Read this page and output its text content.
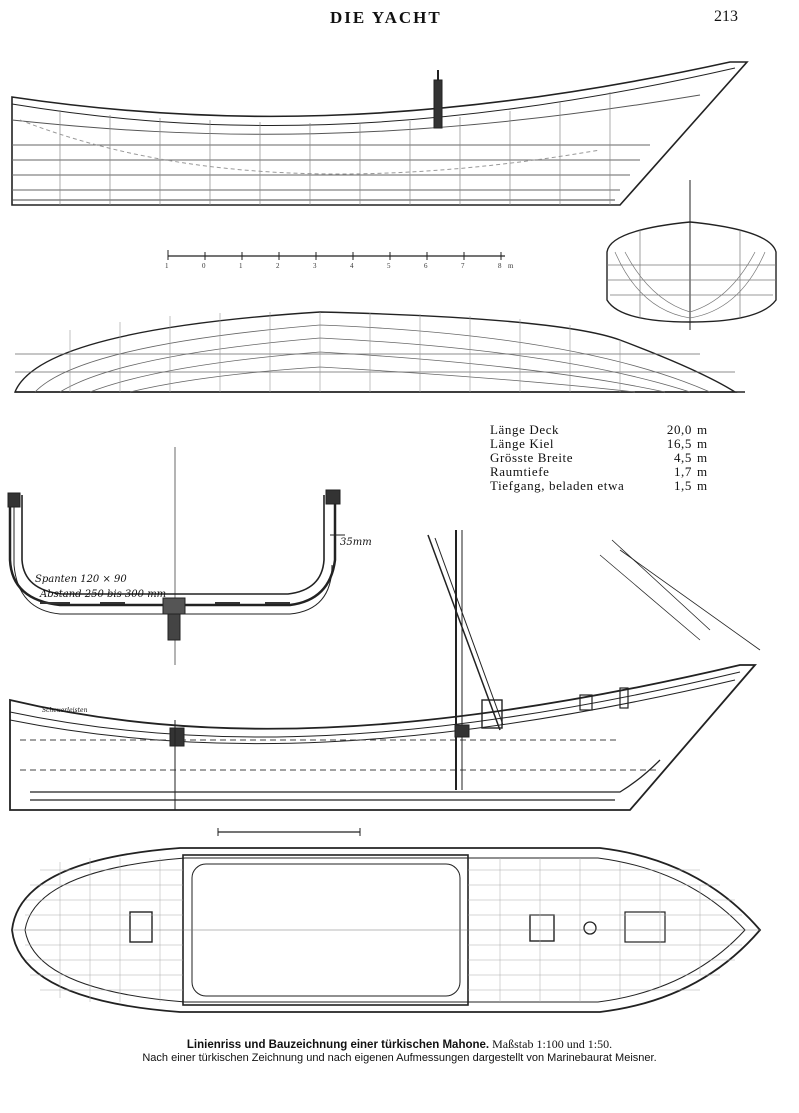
DIE YACHT	213
1	0	1	2	3	4	5	6	7	8 m
Spanten 120 × 90
Abstand 250 bis 300 mm
35mm
Scheuerleisten
Länge Deck	20,0	m
Länge Kiel	16,5	m
Grösste Breite	4,5	m
Raumtiefe	1,7	m
Tiefgang, beladen etwa	1,5	m
Linienriss und Bauzeichnung einer türkischen Mahone. Maßstab 1:100 und 1:50.
Nach einer türkischen Zeichnung und nach eigenen Aufmessungen dargestellt von Marinebaurat Meisner.
